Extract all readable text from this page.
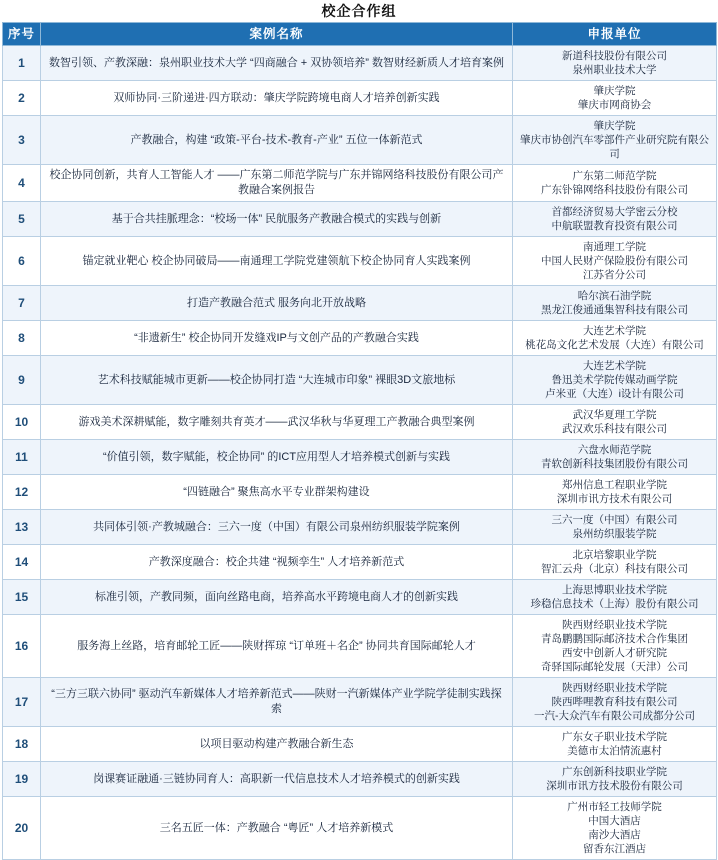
校企合作组
序号	案例名称	申报单位
1	数智引领、产教深融：泉州职业技术大学 “四商融合 + 双协领培养” 数智财经新质人才培育案例	新道科技股份有限公司
泉州职业技术大学

2	双师协同·三阶递进·四方联动：肇庆学院跨境电商人才培养创新实践	肇庆学院
肇庆市网商协会

3	产教融合，构建 “政策-平台-技术-教育-产业” 五位一体新范式	肇庆学院
肇庆市协创汽车零部件产业研究院有限公司

4	校企协同创新，共育人工智能人才 ——广东第二师范学院与广东并锦网络科技股份有限公司产教融合案例报告	广东第二师范学院
广东钋锦网络科技股份有限公司

5	基于合共挂脈理念：“校场一体” 民航服务产教融合模式的实践与创新	首都经济贸易大学密云分校
中航联盟教育投资有限公司

6	锚定就业靶心 校企协同破局——南通理工学院党建领航下校企协同育人实践案例	南通理工学院
中国人民财产保险股份有限公司
江苏省分公司

7	打造产教融合范式 服务向北开放战略	哈尔滨石油学院
黑龙江俊通通集智科技有限公司

8	“非遗新生” 校企协同开发缝戏IP与文创产品的产教融合实践	大连艺术学院
桃花岛文化艺术发展（大连）有限公司

9	艺术科技赋能城市更新——校企协同打造 “大连城市印象” 裸眼3D文旅地标	大连艺术学院
鲁迅美术学院传媒动画学院
卢米亚（大连）i设计有限公司

10	游戏美术深耕赋能，数字雕刻共育英才——武汉华秋与华夏理工产教融合典型案例	武汉华夏理工学院
武汉欢乐科技有限公司

11	“价值引领，数字赋能，校企协同” 的ICT应用型人才培养模式创新与实践	六盘水师范学院
青软创新科技集团股份有限公司

12	“四链融合” 聚焦高水平专业群架构建设	郑州信息工程职业学院
深圳市讯方技术有限公司

13	共同体引领·产教城融合：三六一度（中国）有限公司泉州纺织服装学院案例	三六一度（中国）有限公司
泉州纺织服装学院

14	产教深度融合：校企共建 “视频孪生” 人才培养新范式	北京培黎职业学院
智汇云舟（北京）科技有限公司

15	标准引领，产教同频，面向丝路电商，培养高水平跨境电商人才的创新实践	上海思博职业技术学院
珍稳信息技术（上海）股份有限公司

16	服务海上丝路，培育邮轮工匠——陕财挥琼 “订单班＋名企” 协同共育国际邮轮人才	陕西财经职业技术学院
青岛鹏鹏国际邮济技术合作集团
西安中创新人才研究院
奇驿国际邮轮发展（天津）公司

17	“三方三联六协同” 驱动汽车新媒体人才培养新范式——陕财一汽新媒体产业学院学徒制实践探索	陕西财经职业技术学院
陕西哔哩教育科技有限公司
一汽-大众汽车有限公司成都分公司

18	以项目驱动构建产教融合新生态	广东女子职业技术学院
美德市太泊情流惠村

19	岗课赛证融通·三链协同育人：高职新一代信息技术人才培养模式的创新实践	广东创新科技职业学院
深圳市讯方技术股份有限公司

20	三名五匠一体：产教融合 “粤匠” 人才培养新模式	广州市轻工技师学院
中国大酒店
南沙大酒店
留香东江酒店
